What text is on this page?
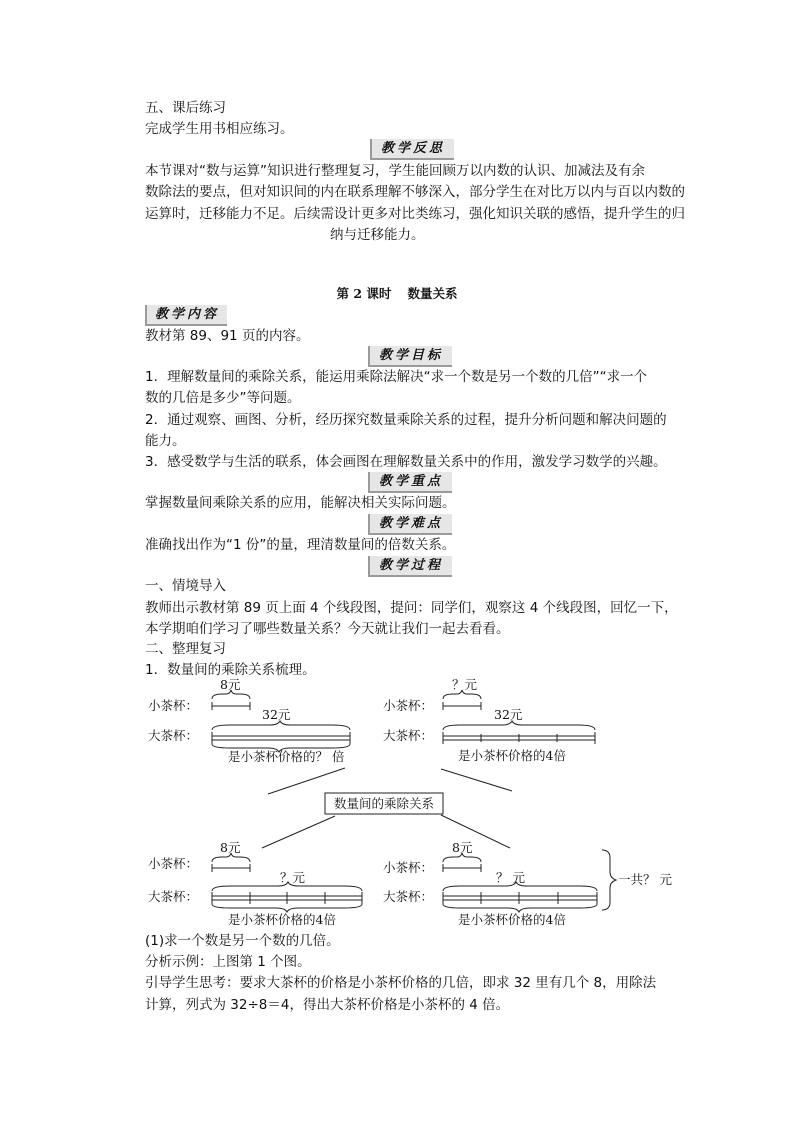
五、课后练习

完成学生用书相应练习。

教学反思

本节课对“数与运算”知识进行整理复习，学生能回顾万以内数的认识、加减法及有余

数除法的要点，但对知识间的内在联系理解不够深入，部分学生在对比万以内与百以内数的

运算时，迁移能力不足。后续需设计更多对比类练习，强化知识关联的感悟，提升学生的归

纳与迁移能力。

第 2 课时 数量关系
教学内容

教材第 89、91 页的内容。

教学目标

1．理解数量间的乘除关系，能运用乘除法解决“求一个数是另一个数的几倍”“求一个

数的几倍是多少”等问题。

2．通过观察、画图、分析，经历探究数量乘除关系的过程，提升分析问题和解决问题的

能力。

3．感受数学与生活的联系，体会画图在理解数量关系中的作用，激发学习数学的兴趣。

教学重点

掌握数量间乘除关系的应用，能解决相关实际问题。

教学难点

准确找出作为“1 份”的量，理清数量间的倍数关系。

教学过程

一、情境导入

教师出示教材第 89 页上面 4 个线段图，提问：同学们，观察这 4 个线段图，回忆一下，

本学期咱们学习了哪些数量关系？今天就让我们一起去看看。

二、整理复习

1．数量间的乘除关系梳理。

数量间的乘除关系
小茶杯：
8元
大茶杯：
32元
是小茶杯价格的？ 倍
小茶杯：
？元
大茶杯：
32元
是小茶杯价格的4倍
小茶杯：
8元
大茶杯：
？元
是小茶杯价格的4倍
小茶杯：
8元
大茶杯：
？ 元
是小茶杯价格的4倍
一共？ 元

(1)求一个数是另一个数的几倍。

分析示例：上图第 1 个图。

引导学生思考：要求大茶杯的价格是小茶杯价格的几倍，即求 32 里有几个 8，用除法

计算，列式为 32÷8＝4，得出大茶杯价格是小茶杯的 4 倍。
